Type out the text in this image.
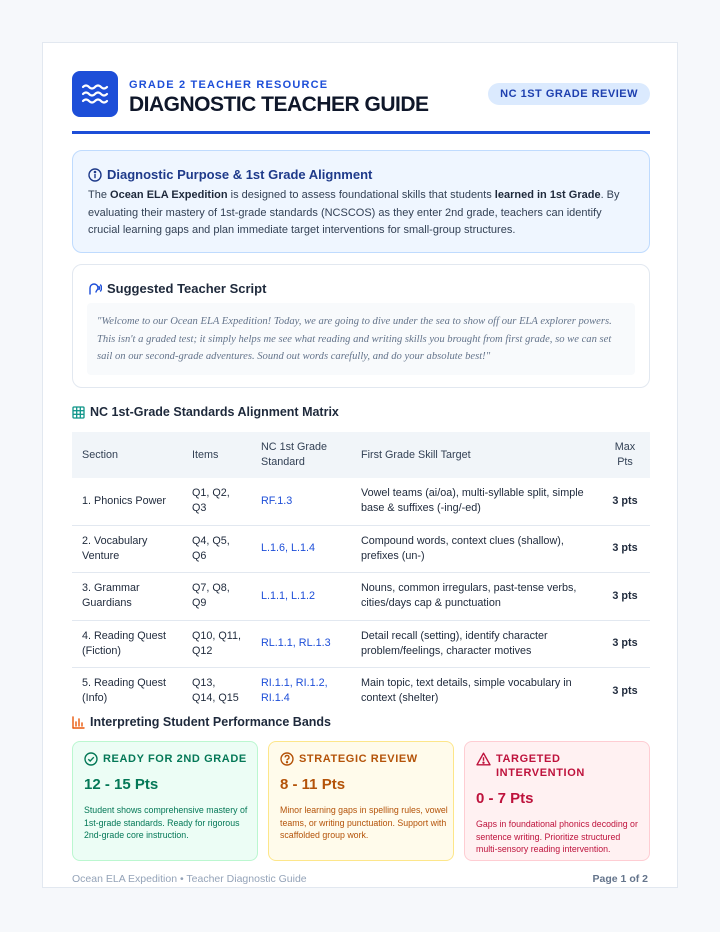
GRADE 2 TEACHER RESOURCE
DIAGNOSTIC TEACHER GUIDE	NC 1ST GRADE REVIEW
Diagnostic Purpose & 1st Grade Alignment
The Ocean ELA Expedition is designed to assess foundational skills that students learned in 1st Grade. By evaluating their mastery of 1st-grade standards (NCSCOS) as they enter 2nd grade, teachers can identify crucial learning gaps and plan immediate target interventions for small-group structures.
Suggested Teacher Script
"Welcome to our Ocean ELA Expedition! Today, we are going to dive under the sea to show off our ELA explorer powers. This isn't a graded test; it simply helps me see what reading and writing skills you brought from first grade, so we can set sail on our second-grade adventures. Sound out words carefully, and do your absolute best!"
NC 1st-Grade Standards Alignment Matrix
Section	Items	NC 1st Grade Standard	First Grade Skill Target	Max Pts
1. Phonics Power	Q1, Q2, Q3	RF.1.3	Vowel teams (ai/oa), multi-syllable split, simple base & suffixes (-ing/-ed)	3 pts
2. Vocabulary Venture	Q4, Q5, Q6	L.1.6, L.1.4	Compound words, context clues (shallow), prefixes (un-)	3 pts
3. Grammar Guardians	Q7, Q8, Q9	L.1.1, L.1.2	Nouns, common irregulars, past-tense verbs, cities/days cap & punctuation	3 pts
4. Reading Quest (Fiction)	Q10, Q11, Q12	RL.1.1, RL.1.3	Detail recall (setting), identify character problem/feelings, character motives	3 pts
5. Reading Quest (Info)	Q13, Q14, Q15	RI.1.1, RI.1.2, RI.1.4	Main topic, text details, simple vocabulary in context (shelter)	3 pts
Interpreting Student Performance Bands
READY FOR 2ND GRADE
12 - 15 Pts
Student shows comprehensive mastery of 1st-grade standards. Ready for rigorous 2nd-grade core instruction.
STRATEGIC REVIEW
8 - 11 Pts
Minor learning gaps in spelling rules, vowel teams, or writing punctuation. Support with scaffolded group work.
TARGETED INTERVENTION
0 - 7 Pts
Gaps in foundational phonics decoding or sentence writing. Prioritize structured multi-sensory reading intervention.
Ocean ELA Expedition • Teacher Diagnostic Guide	Page 1 of 2
